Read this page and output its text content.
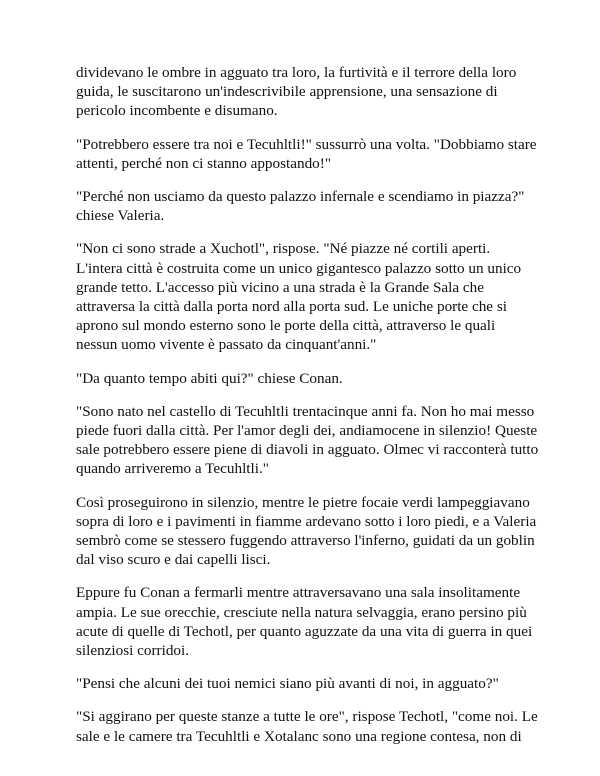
dividevano le ombre in agguato tra loro, la furtività e il terrore della loro
guida, le suscitarono un'indescrivibile apprensione, una sensazione di
pericolo incombente e disumano.

"Potrebbero essere tra noi e Tecuhltli!" sussurrò una volta. "Dobbiamo stare
attenti, perché non ci stanno appostando!"

"Perché non usciamo da questo palazzo infernale e scendiamo in piazza?"
chiese Valeria.

"Non ci sono strade a Xuchotl", rispose. "Né piazze né cortili aperti.
L'intera città è costruita come un unico gigantesco palazzo sotto un unico
grande tetto. L'accesso più vicino a una strada è la Grande Sala che
attraversa la città dalla porta nord alla porta sud. Le uniche porte che si
aprono sul mondo esterno sono le porte della città, attraverso le quali
nessun uomo vivente è passato da cinquant'anni."

"Da quanto tempo abiti qui?" chiese Conan.

"Sono nato nel castello di Tecuhltli trentacinque anni fa. Non ho mai messo
piede fuori dalla città. Per l'amor degli dei, andiamocene in silenzio! Queste
sale potrebbero essere piene di diavoli in agguato. Olmec vi racconterà tutto
quando arriveremo a Tecuhltli."

Così proseguirono in silenzio, mentre le pietre focaie verdi lampeggiavano
sopra di loro e i pavimenti in fiamme ardevano sotto i loro piedi, e a Valeria
sembrò come se stessero fuggendo attraverso l'inferno, guidati da un goblin
dal viso scuro e dai capelli lisci.

Eppure fu Conan a fermarli mentre attraversavano una sala insolitamente
ampia. Le sue orecchie, cresciute nella natura selvaggia, erano persino più
acute di quelle di Techotl, per quanto aguzzate da una vita di guerra in quei
silenziosi corridoi.

"Pensi che alcuni dei tuoi nemici siano più avanti di noi, in agguato?"

"Si aggirano per queste stanze a tutte le ore", rispose Techotl, "come noi. Le
sale e le camere tra Tecuhltli e Xotalanc sono una regione contesa, non di
